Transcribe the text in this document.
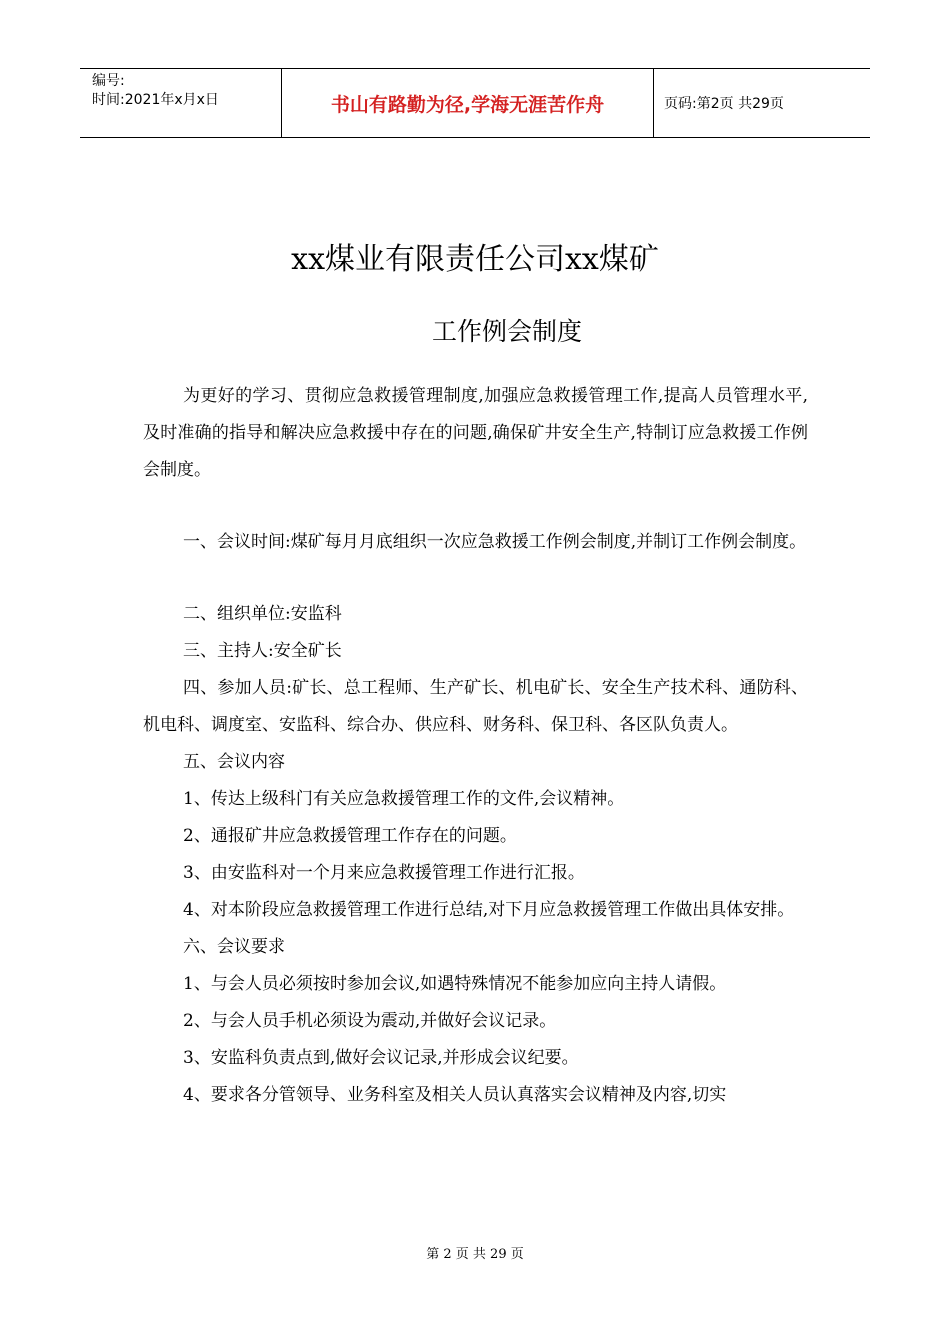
编号:
时间:2021年x月x日	书山有路勤为径,学海无涯苦作舟	页码:第2页 共29页
xx煤业有限责任公司xx煤矿
工作例会制度

为更好的学习、贯彻应急救援管理制度,加强应急救援管理工作,提高人员管理水平,及时准确的指导和解决应急救援中存在的问题,确保矿井安全生产,特制订应急救援工作例会制度。

一、会议时间:煤矿每月月底组织一次应急救援工作例会制度,并制订工作例会制度。

二、组织单位:安监科

三、主持人:安全矿长

四、参加人员:矿长、总工程师、生产矿长、机电矿长、安全生产技术科、通防科、机电科、调度室、安监科、综合办、供应科、财务科、保卫科、各区队负责人。

五、会议内容

1、传达上级科门有关应急救援管理工作的文件,会议精神。

2、通报矿井应急救援管理工作存在的问题。

3、由安监科对一个月来应急救援管理工作进行汇报。

4、对本阶段应急救援管理工作进行总结,对下月应急救援管理工作做出具体安排。

六、会议要求

1、与会人员必须按时参加会议,如遇特殊情况不能参加应向主持人请假。

2、与会人员手机必须设为震动,并做好会议记录。

3、安监科负责点到,做好会议记录,并形成会议纪要。

4、要求各分管领导、业务科室及相关人员认真落实会议精神及内容,切实

第 2 页 共 29 页
